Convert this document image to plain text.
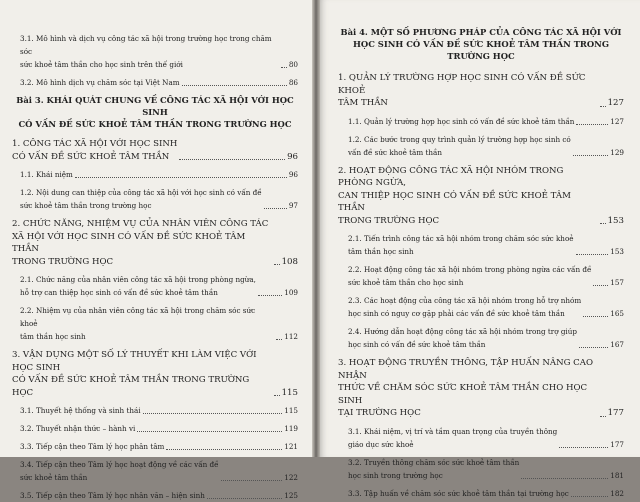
3.1. Mô hình và dịch vụ công tác xã hội trong trường học trong chăm sóc
sức khoẻ tâm thần cho học sinh trên thế giới	80
3.2. Mô hình dịch vụ chăm sóc tại Việt Nam	86
Bài 3. KHÁI QUÁT CHUNG VỀ CÔNG TÁC XÃ HỘI VỚI HỌC SINH
CÓ VẤN ĐỀ SỨC KHOẺ TÂM THẦN TRONG TRƯỜNG HỌC
1. CÔNG TÁC XÃ HỘI VỚI HỌC SINH
CÓ VẤN ĐỀ SỨC KHOẺ TÂM THẦN	96
1.1. Khái niệm	96
1.2. Nội dung can thiệp của công tác xã hội với học sinh có vấn đề
sức khoẻ tâm thần trong trường học	97
2. CHỨC NĂNG, NHIỆM VỤ CỦA NHÂN VIÊN CÔNG TÁC
XÃ HỘI VỚI HỌC SINH CÓ VẤN ĐỀ SỨC KHOẺ TÂM THẦN
TRONG TRƯỜNG HỌC	108
2.1. Chức năng của nhân viên công tác xã hội trong phòng ngừa,
hỗ trợ can thiệp học sinh có vấn đề sức khoẻ tâm thần	109
2.2. Nhiệm vụ của nhân viên công tác xã hội trong chăm sóc sức khoẻ
tâm thần học sinh	112
3. VẬN DỤNG MỘT SỐ LÝ THUYẾT KHI LÀM VIỆC VỚI HỌC SINH
CÓ VẤN ĐỀ SỨC KHOẺ TÂM THẦN TRONG TRƯỜNG HỌC	115
3.1. Thuyết hệ thống và sinh thái	115
3.2. Thuyết nhận thức – hành vi	119
3.3. Tiếp cận theo Tâm lý học phân tâm	121
3.4. Tiếp cận theo Tâm lý học hoạt động về các vấn đề
sức khoẻ tâm thần	122
3.5. Tiếp cận theo Tâm lý học nhân văn – hiện sinh	125
Bài 4. MỘT SỐ PHƯƠNG PHÁP CỦA CÔNG TÁC XÃ HỘI VỚI
HỌC SINH CÓ VẤN ĐỀ SỨC KHOẺ TÂM THẦN TRONG TRƯỜNG HỌC
1. QUẢN LÝ TRƯỜNG HỢP HỌC SINH CÓ VẤN ĐỀ SỨC KHOẺ
TÂM THẦN	127
1.1. Quản lý trường hợp học sinh có vấn đề sức khoẻ tâm thần	127
1.2. Các bước trong quy trình quản lý trường hợp học sinh có
vấn đề sức khoẻ tâm thần	129
2. HOẠT ĐỘNG CÔNG TÁC XÃ HỘI NHÓM TRONG PHÒNG NGỪA,
CAN THIỆP HỌC SINH CÓ VẤN ĐỀ SỨC KHOẺ TÂM THẦN
TRONG TRƯỜNG HỌC	153
2.1. Tiến trình công tác xã hội nhóm trong chăm sóc sức khoẻ
tâm thần học sinh	153
2.2. Hoạt động công tác xã hội nhóm trong phòng ngừa các vấn đề
sức khoẻ tâm thần cho học sinh	157
2.3. Các hoạt động của công tác xã hội nhóm trong hỗ trợ nhóm
học sinh có nguy cơ gặp phải các vấn đề sức khoẻ tâm thần	165
2.4. Hướng dẫn hoạt động công tác xã hội nhóm trong trợ giúp
học sinh có vấn đề sức khoẻ tâm thần	167
3. HOẠT ĐỘNG TRUYỀN THÔNG, TẬP HUẤN NÂNG CAO NHẬN
THỨC VỀ CHĂM SÓC SỨC KHOẺ TÂM THẦN CHO HỌC SINH
TẠI TRƯỜNG HỌC	177
3.1. Khái niệm, vị trí và tầm quan trọng của truyền thông
giáo dục sức khoẻ	177
3.2. Truyền thông chăm sóc sức khoẻ tâm thần
học sinh trong trường học	181
3.3. Tập huấn về chăm sóc sức khoẻ tâm thần tại trường học	182
